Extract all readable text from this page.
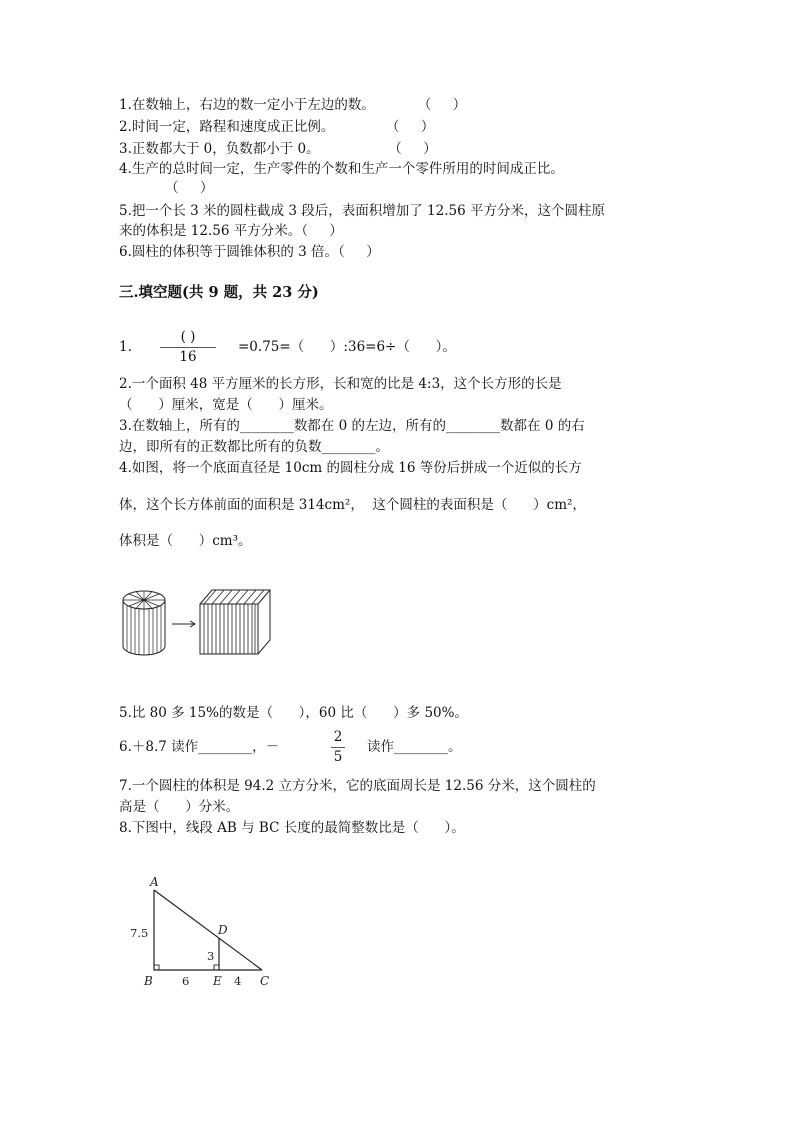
1.在数轴上，右边的数一定小于左边的数。          （     ）
2.时间一定，路程和速度成正比例。            （     ）
3.正数都大于 0，负数都小于 0。                （     ）
4.生产的总时间一定，生产零件的个数和生产一个零件所用的时间成正比。
（     ）
5.把一个长 3 米的圆柱截成 3 段后，表面积增加了 12.56 平方分米，这个圆柱原
来的体积是 12.56 平方分米。（     ）
6.圆柱的体积等于圆锥体积的 3 倍。（     ）
三.填空题(共 9 题，共 23 分)
1.
( )
16
=0.75=（      ）:36=6÷（      ）。
2.一个面积 48 平方厘米的长方形，长和宽的比是 4:3，这个长方形的长是
（      ）厘米，宽是（      ）厘米。
3.在数轴上，所有的________数都在 0 的左边，所有的________数都在 0 的右
边，即所有的正数都比所有的负数________。
4.如图，将一个底面直径是 10cm 的圆柱分成 16 等份后拼成一个近似的长方
体，这个长方体前面的面积是 314cm²，  这个圆柱的表面积是（      ）cm²，
体积是（      ）cm³。
5.比 80 多 15%的数是（      ），60 比（      ）多 50%。
6.＋8.7 读作________，－
2
5
读作________。
7.一个圆柱的体积是 94.2 立方分米，它的底面周长是 12.56 分米，这个圆柱的
高是（      ）分米。
8.下图中，线段 AB 与 BC 长度的最简整数比是（      ）。
A
B	C
D
E
7.5
3
6	4
